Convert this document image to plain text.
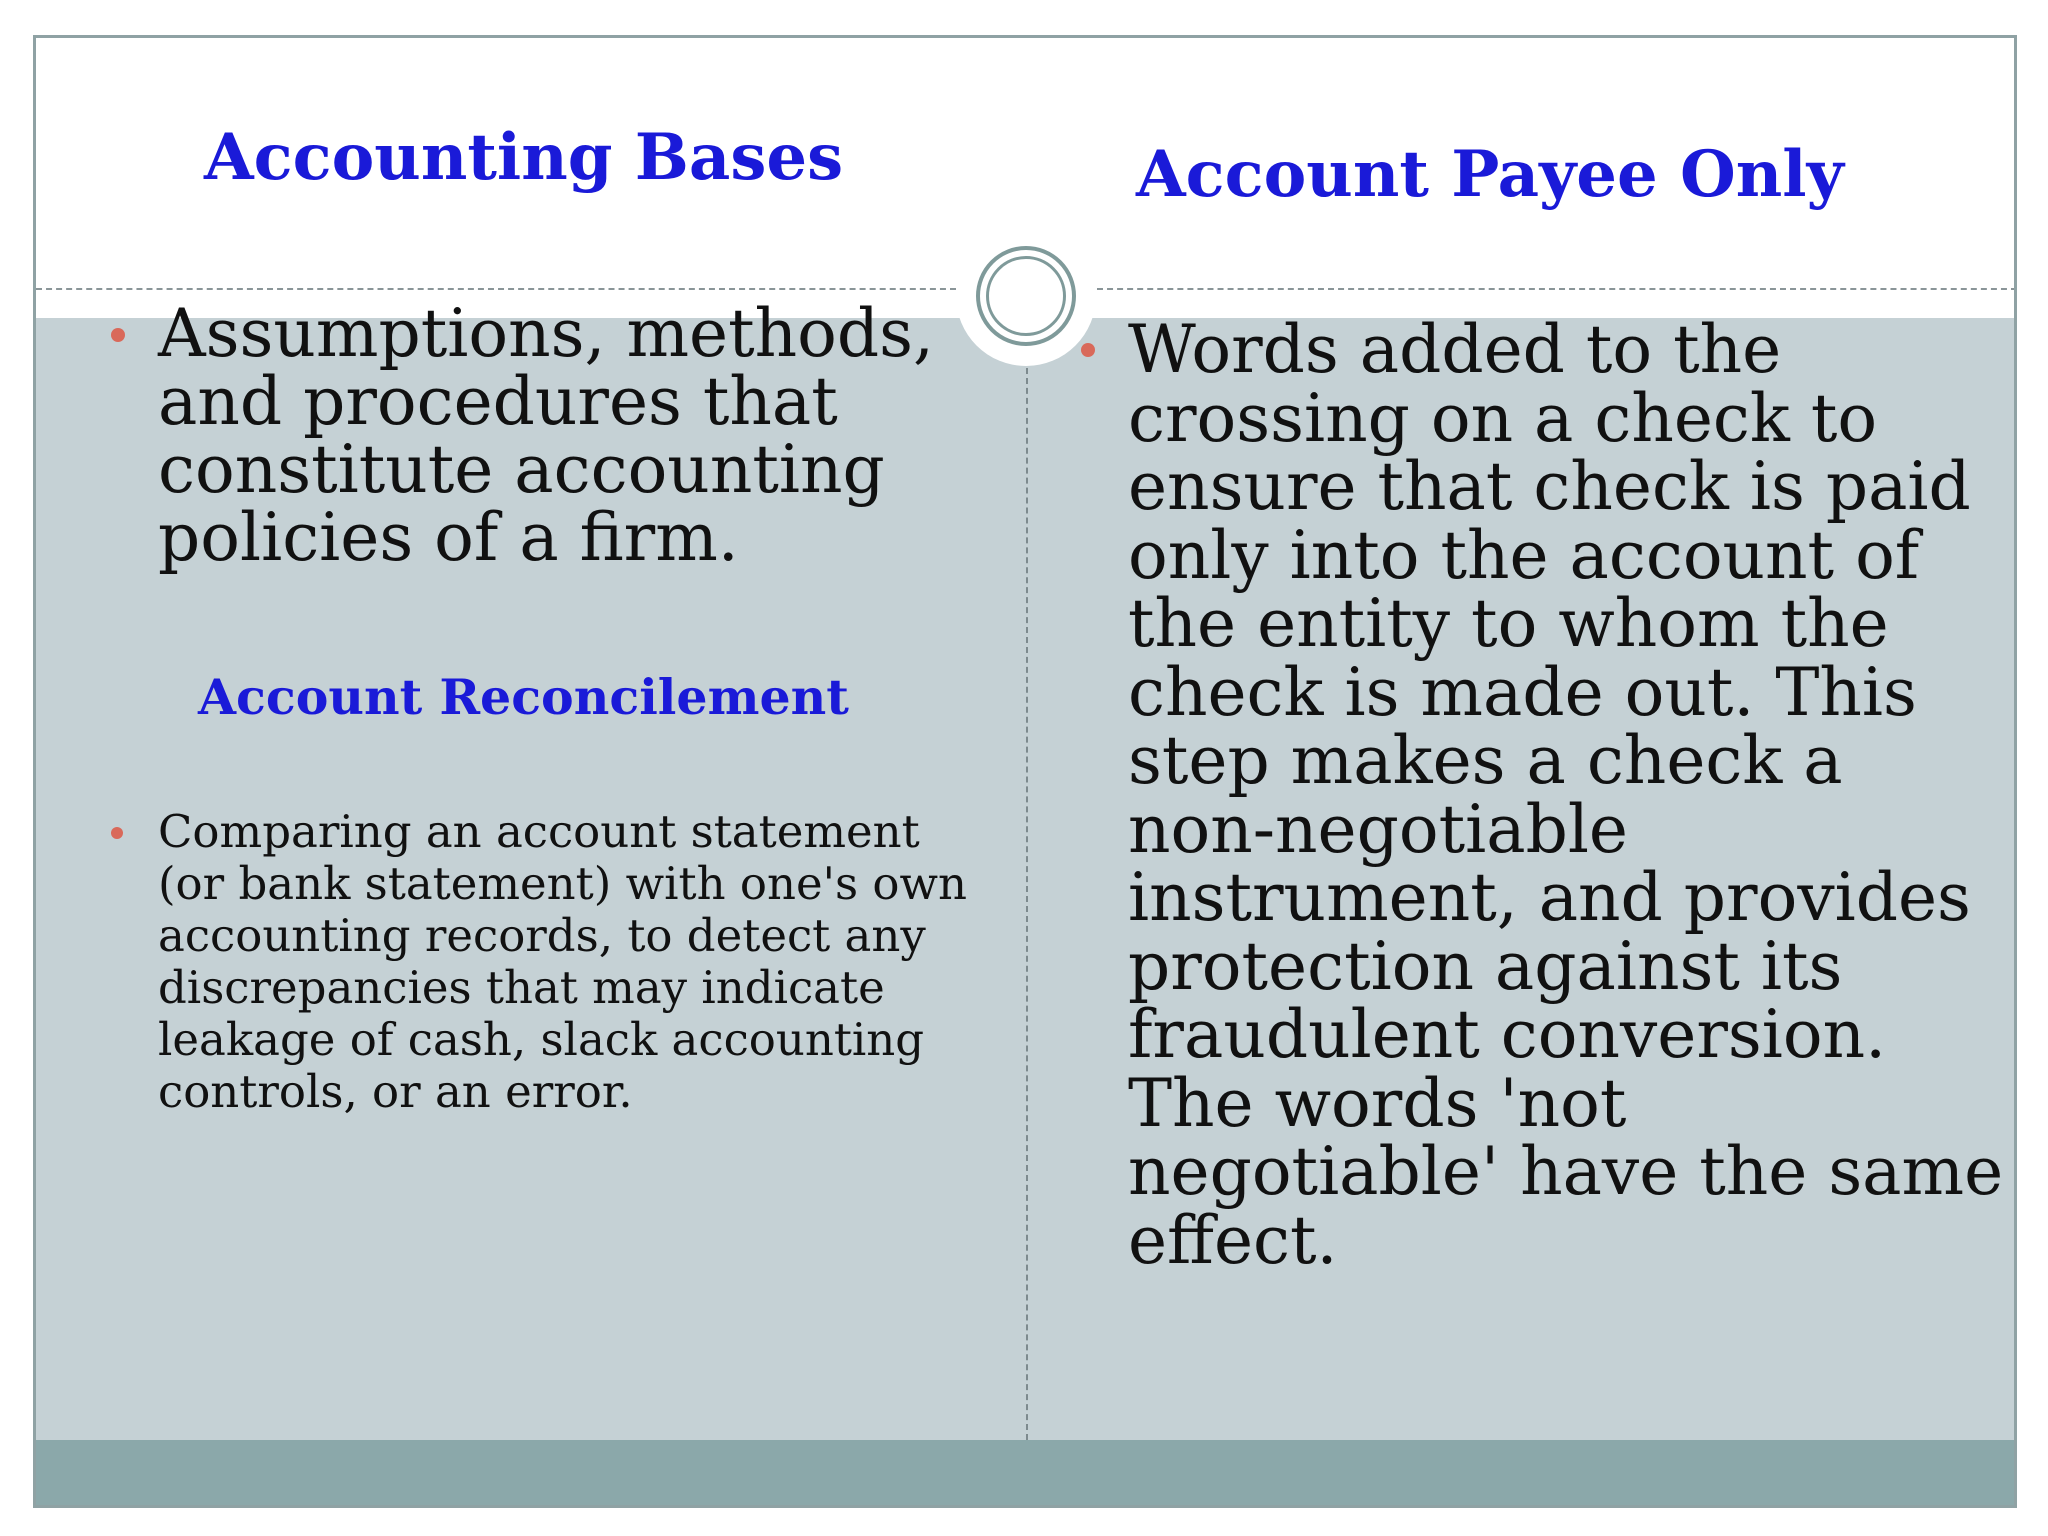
Accounting Bases	Account Payee Only

Assumptions, methods, and procedures that constitute accounting policies of a firm.

Account Reconcilement

Comparing an account statement (or bank statement) with one's own accounting records, to detect any discrepancies that may indicate leakage of cash, slack accounting controls, or an error.

Words added to the crossing on a check to ensure that check is paid only into the account of the entity to whom the check is made out. This step makes a check a non-negotiable instrument, and provides protection against its fraudulent conversion. The words 'not negotiable' have the same effect.
